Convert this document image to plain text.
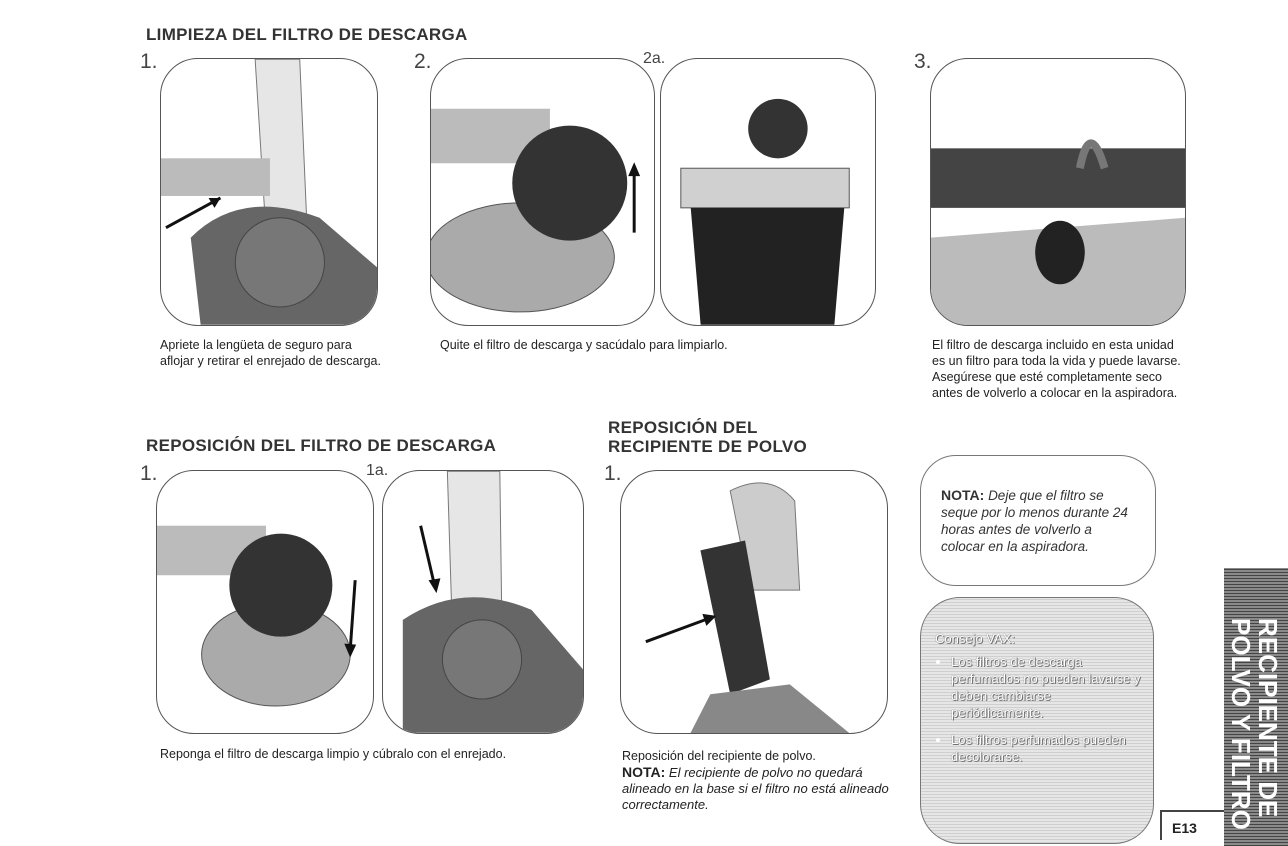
LIMPIEZA DEL FILTRO DE DESCARGA
1.
Apriete la lengüeta de seguro para aflojar y retirar el enrejado de descarga.
2.	2a.
Quite el filtro de descarga y sacúdalo para limpiarlo.
3.
El filtro de descarga incluido en esta unidad es un filtro para toda la vida y puede lavarse. Asegúrese que esté completamente seco antes de volverlo a colocar en la aspiradora.
REPOSICIÓN DEL FILTRO DE DESCARGA
1.	1a.
Reponga el filtro de descarga limpio y cúbralo con el enrejado.
REPOSICIÓN DEL
RECIPIENTE DE POLVO
1.
Reposición del recipiente de polvo.
NOTA: El recipiente de polvo no quedará alineado en la base si el filtro no está alineado correctamente.
NOTA: Deje que el filtro se seque por lo menos durante 24 horas antes de volverlo a colocar en la aspiradora.
Consejo VAX:
• Los filtros de descarga perfumados no pueden lavarse y deben cambiarse periódicamente.
• Los filtros perfumados pueden decolorarse.	RECIPIENTE DE
POLVO Y FILTRO
E13
